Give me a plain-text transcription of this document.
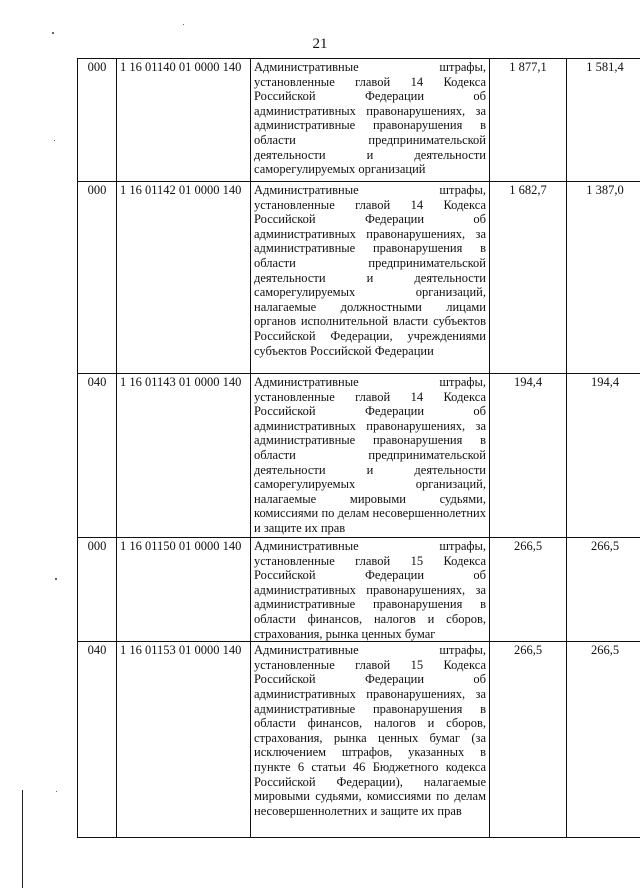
21
000	1 16 01140 01 0000 140	Административные штрафы, установленные главой 14 Кодекса Российской Федерации об административных правонарушениях, за административные правонарушения в области предпринимательской деятельности и деятельности саморегулируемых организаций	1 877,1	1 581,4
000	1 16 01142 01 0000 140	Административные штрафы, установленные главой 14 Кодекса Российской Федерации об административных правонарушениях, за административные правонарушения в области предпринимательской деятельности и деятельности саморегулируемых организаций, налагаемые должностными лицами органов исполнительной власти субъектов Российской Федерации, учреждениями субъектов Российской Федерации	1 682,7	1 387,0
040	1 16 01143 01 0000 140	Административные штрафы, установленные главой 14 Кодекса Российской Федерации об административных правонарушениях, за административные правонарушения в области предпринимательской деятельности и деятельности саморегулируемых организаций, налагаемые мировыми судьями, комиссиями по делам несовершеннолетних и защите их прав	194,4	194,4
000	1 16 01150 01 0000 140	Административные штрафы, установленные главой 15 Кодекса Российской Федерации об административных правонарушениях, за административные правонарушения в области финансов, налогов и сборов, страхования, рынка ценных бумаг	266,5	266,5
040	1 16 01153 01 0000 140	Административные штрафы, установленные главой 15 Кодекса Российской Федерации об административных правонарушениях, за административные правонарушения в области финансов, налогов и сборов, страхования, рынка ценных бумаг (за исключением штрафов, указанных в пункте 6 статьи 46 Бюджетного кодекса Российской Федерации), налагаемые мировыми судьями, комиссиями по делам несовершеннолетних и защите их прав	266,5	266,5
